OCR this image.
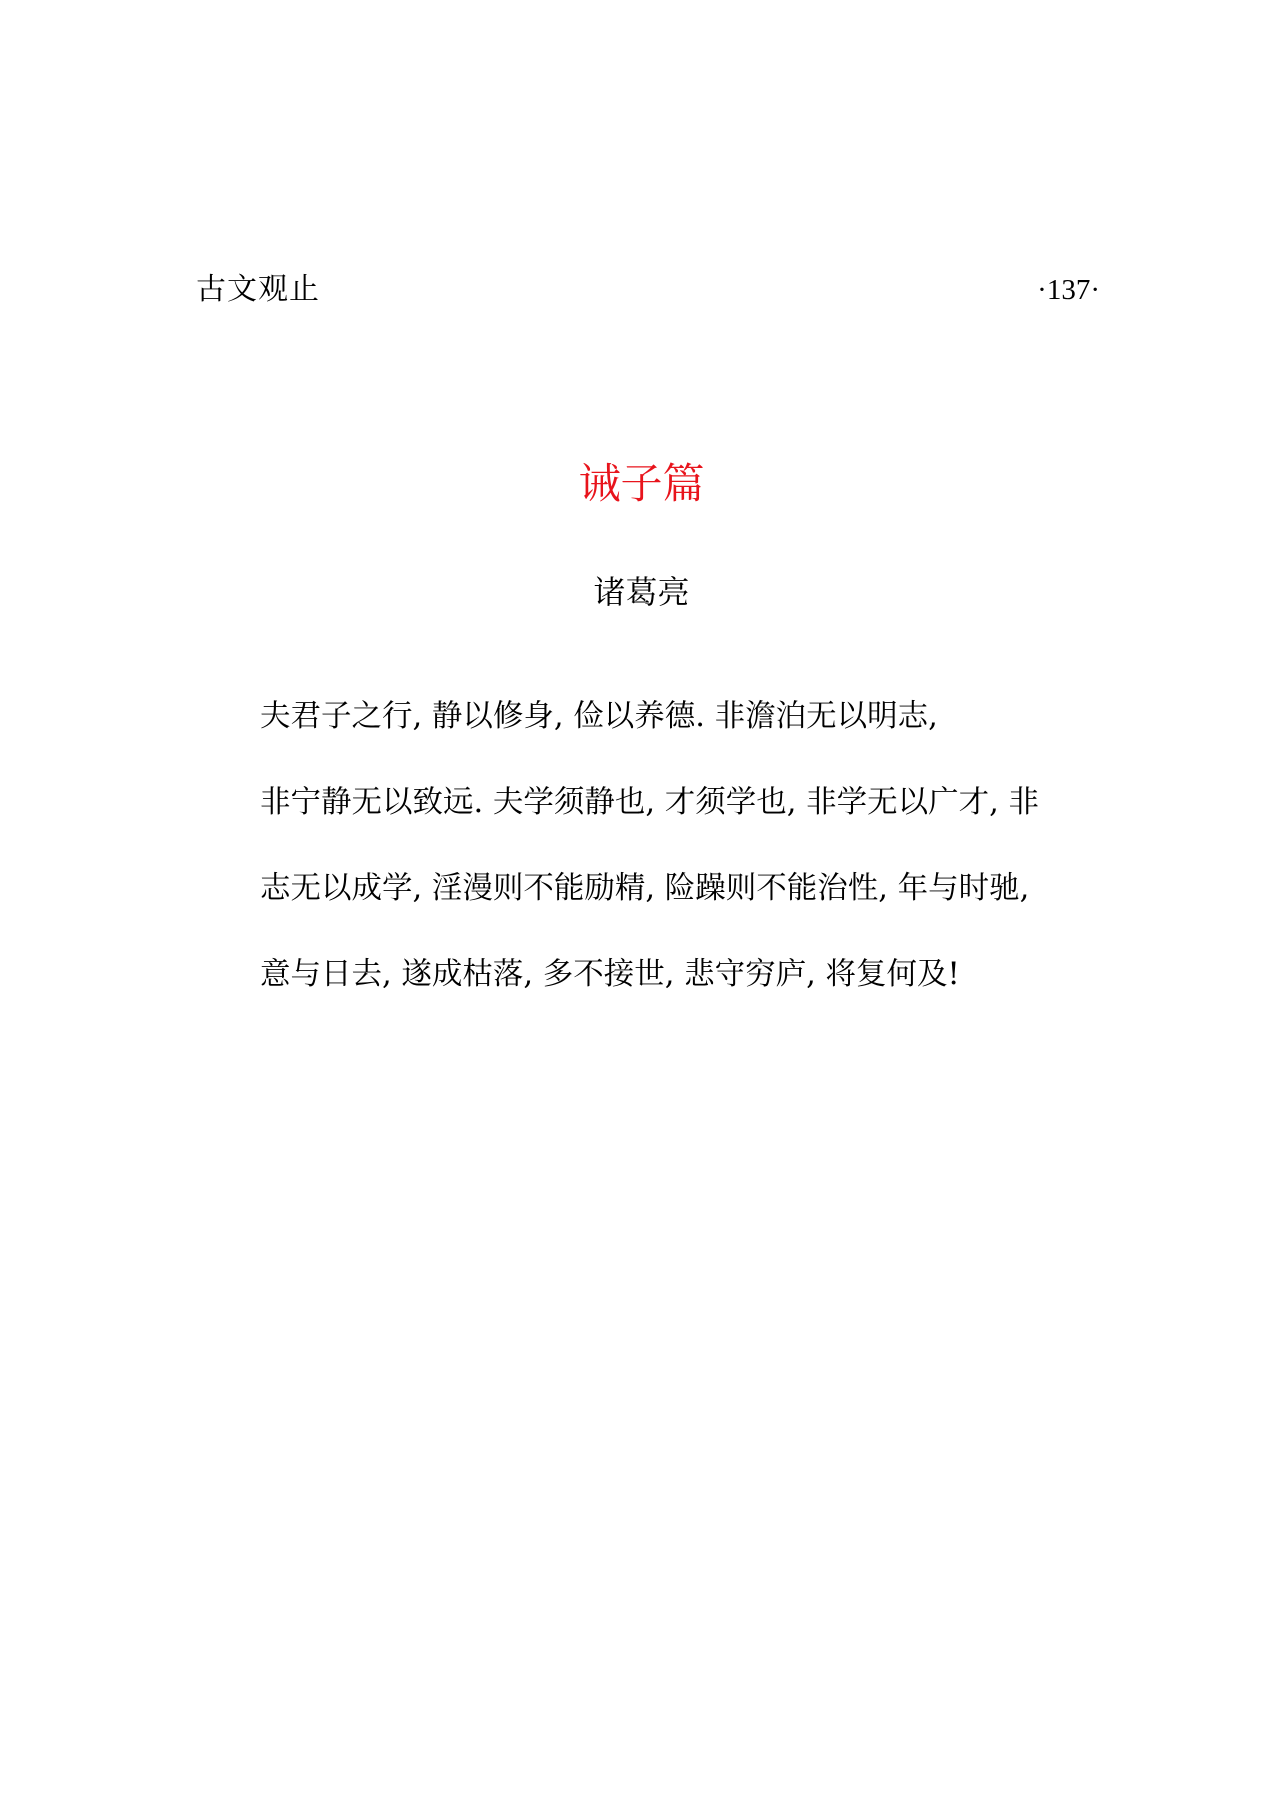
古文观止	·137·
诫子篇
诸葛亮
夫君子之行, 静以修身, 俭以养德. 非澹泊无以明志,
非宁静无以致远. 夫学须静也, 才须学也, 非学无以广才, 非
志无以成学, 淫漫则不能励精, 险躁则不能治性, 年与时驰,
意与日去, 遂成枯落, 多不接世, 悲守穷庐, 将复何及!
